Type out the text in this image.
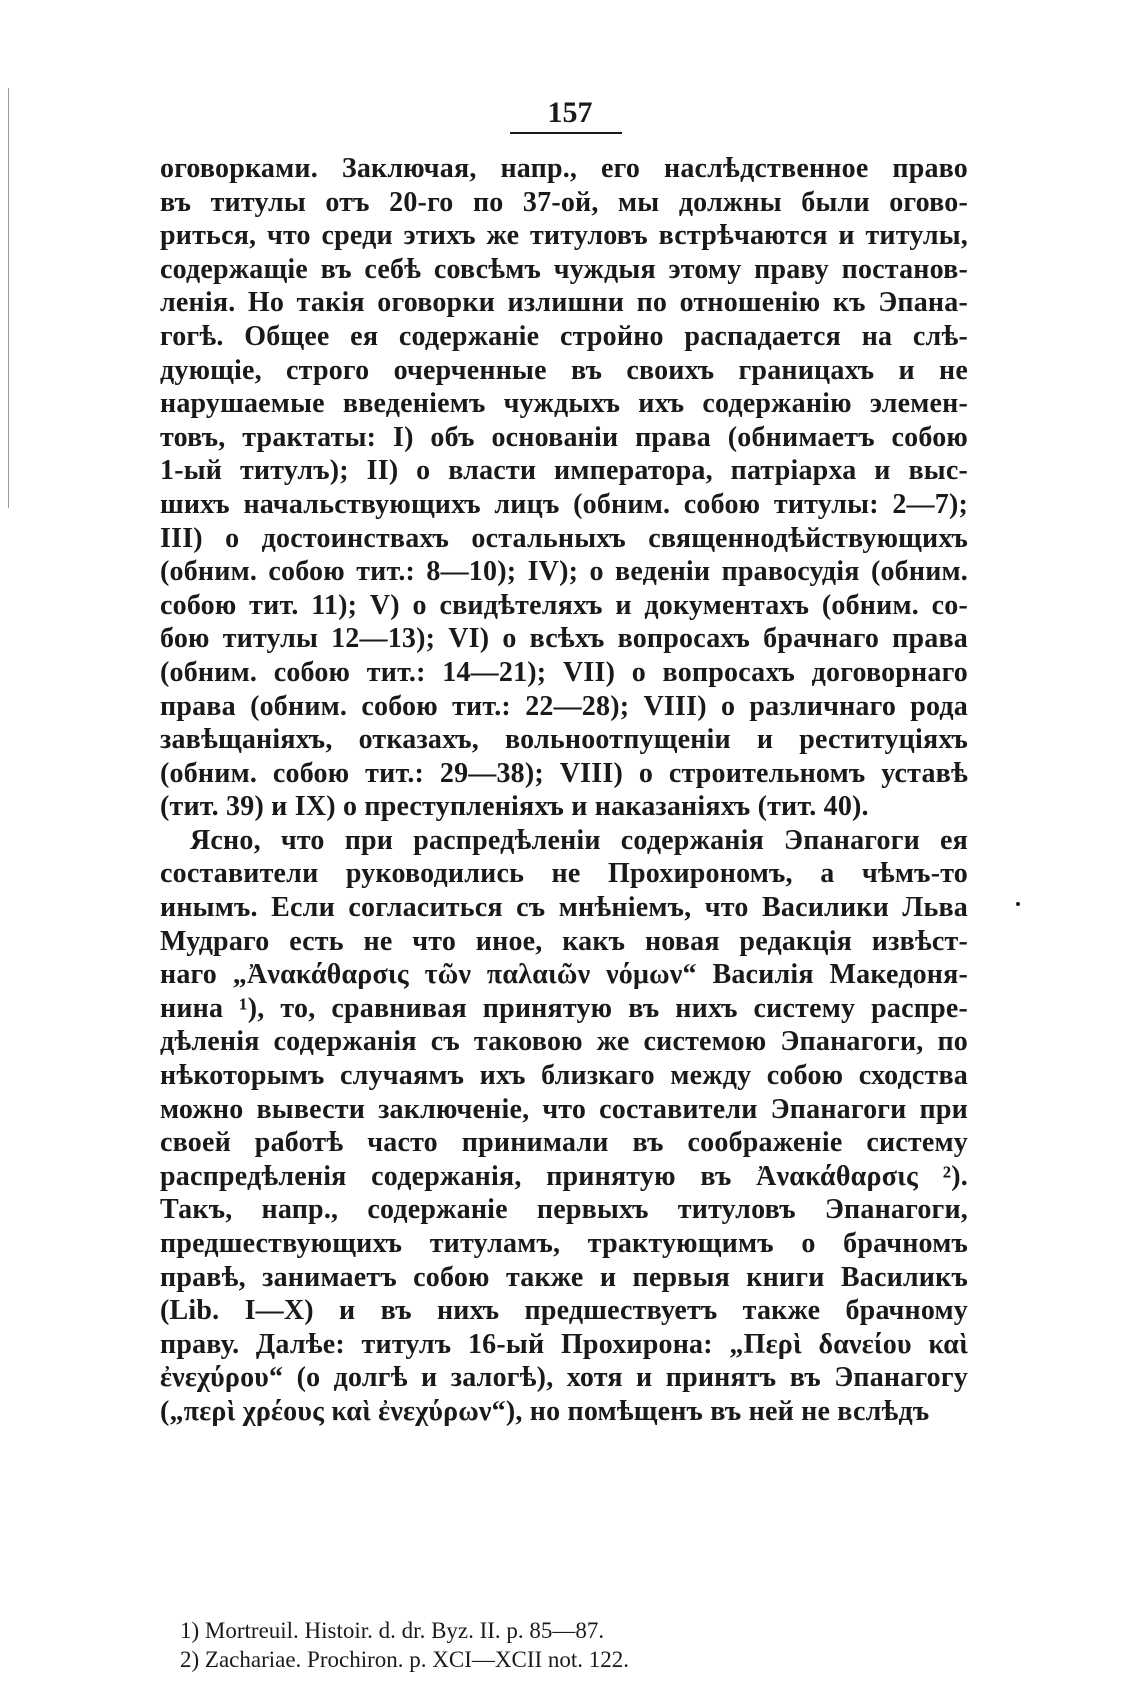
157
оговорками. Заключая, напр., его наслѣдственное право
въ титулы отъ 20-го по 37-ой, мы должны были огово-
риться, что среди этихъ же титуловъ встрѣчаются и титулы,
содержащіе въ себѣ совсѣмъ чуждыя этому праву постанов-
ленія. Но такія оговорки излишни по отношенію къ Эпана-
гогѣ. Общее ея содержаніе стройно распадается на слѣ-
дующіе, строго очерченные въ своихъ границахъ и не
нарушаемые введеніемъ чуждыхъ ихъ содержанію элемен-
товъ, трактаты: I) объ основаніи права (обнимаетъ собою
1-ый титулъ); II) о власти императора, патріарха и выс-
шихъ начальствующихъ лицъ (обним. собою титулы: 2—7);
III) о достоинствахъ остальныхъ священнодѣйствующихъ
(обним. собою тит.: 8—10); IV); о веденіи правосудія (обним.
собою тит. 11); V) о свидѣтеляхъ и документахъ (обним. со-
бою титулы 12—13); VI) о всѣхъ вопросахъ брачнаго права
(обним. собою тит.: 14—21); VII) о вопросахъ договорнаго
права (обним. собою тит.: 22—28); VIII) о различнаго рода
завѣщаніяхъ, отказахъ, вольноотпущеніи и реституціяхъ
(обним. собою тит.: 29—38); VIII) о строительномъ уставѣ
(тит. 39) и IX) о преступленіяхъ и наказаніяхъ (тит. 40).
Ясно, что при распредѣленіи содержанія Эпанагоги ея
составители руководились не Прохирономъ, а чѣмъ-то
инымъ. Если согласиться съ мнѣніемъ, что Василики Льва
Мудраго есть не что иное, какъ новая редакція извѣст-
наго „Ἀνακάθαρσις τῶν παλαιῶν νόμων“ Василія Македоня-
нина ¹), то, сравнивая принятую въ нихъ систему распре-
дѣленія содержанія съ таковою же системою Эпанагоги, по
нѣкоторымъ случаямъ ихъ близкаго между собою сходства
можно вывести заключеніе, что составители Эпанагоги при
своей работѣ часто принимали въ соображеніе систему
распредѣленія содержанія, принятую въ Ἀνακάθαρσις ²).
Такъ, напр., содержаніе первыхъ титуловъ Эпанагоги,
предшествующихъ титуламъ, трактующимъ о брачномъ
правѣ, занимаетъ собою также и первыя книги Василикъ
(Lib. I—X) и въ нихъ предшествуетъ также брачному
праву. Далѣе: титулъ 16-ый Прохирона: „Περὶ δανείου καὶ
ἐνεχύρου“ (о долгѣ и залогѣ), хотя и принятъ въ Эпанагогу
(„περὶ χρέους καὶ ἐνεχύρων“), но помѣщенъ въ ней не вслѣдъ
1) Mortreuil. Histoir. d. dr. Byz. II. p. 85—87.
2) Zachariae. Prochiron. p. XCI—XCII not. 122.
